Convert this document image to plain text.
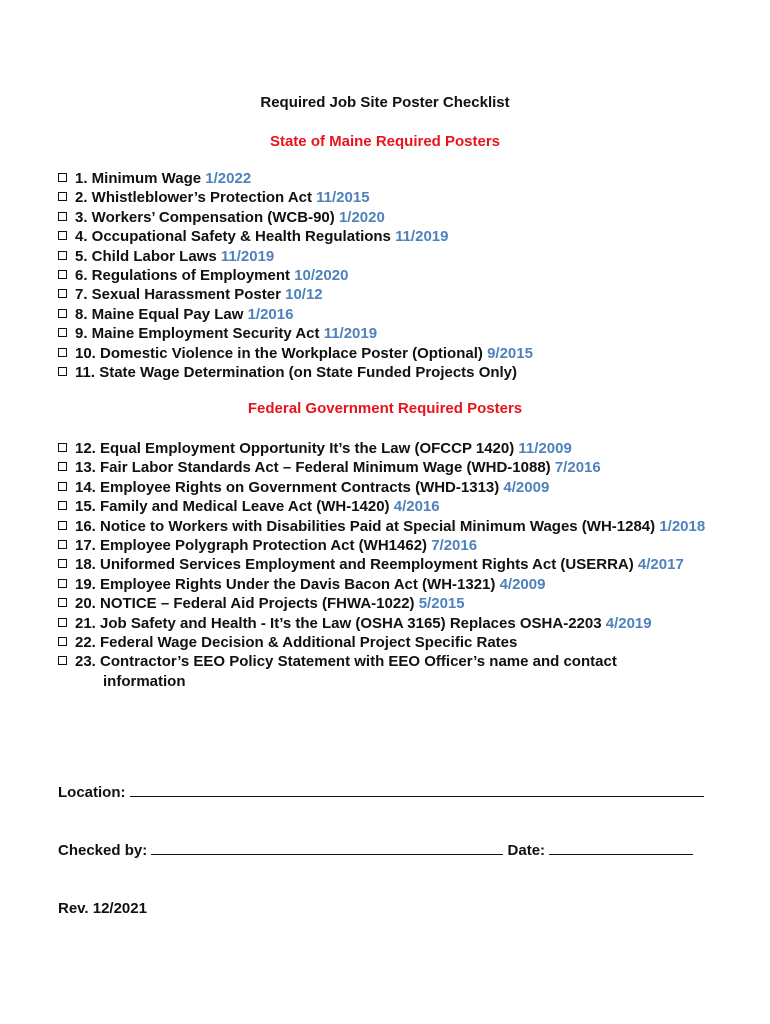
Required Job Site Poster Checklist
State of Maine Required Posters
1. Minimum Wage 1/2022
2. Whistleblower’s Protection Act 11/2015
3. Workers’ Compensation (WCB-90) 1/2020
4. Occupational Safety & Health Regulations 11/2019
5. Child Labor Laws 11/2019
6. Regulations of Employment 10/2020
7. Sexual Harassment Poster 10/12
8. Maine Equal Pay Law 1/2016
9. Maine Employment Security Act 11/2019
10. Domestic Violence in the Workplace Poster (Optional) 9/2015
11. State Wage Determination (on State Funded Projects Only)
Federal Government Required Posters
12. Equal Employment Opportunity It’s the Law (OFCCP 1420) 11/2009
13. Fair Labor Standards Act – Federal Minimum Wage (WHD-1088) 7/2016
14. Employee Rights on Government Contracts (WHD-1313) 4/2009
15. Family and Medical Leave Act (WH-1420) 4/2016
16. Notice to Workers with Disabilities Paid at Special Minimum Wages (WH-1284) 1/2018
17. Employee Polygraph Protection Act (WH1462) 7/2016
18. Uniformed Services Employment and Reemployment Rights Act (USERRA) 4/2017
19. Employee Rights Under the Davis Bacon Act (WH-1321) 4/2009
20. NOTICE – Federal Aid Projects (FHWA-1022) 5/2015
21. Job Safety and Health - It’s the Law (OSHA 3165) Replaces OSHA-2203 4/2019
22. Federal Wage Decision & Additional Project Specific Rates
23. Contractor’s EEO Policy Statement with EEO Officer’s name and contact information
Location:
Checked by:	Date:
Rev. 12/2021
